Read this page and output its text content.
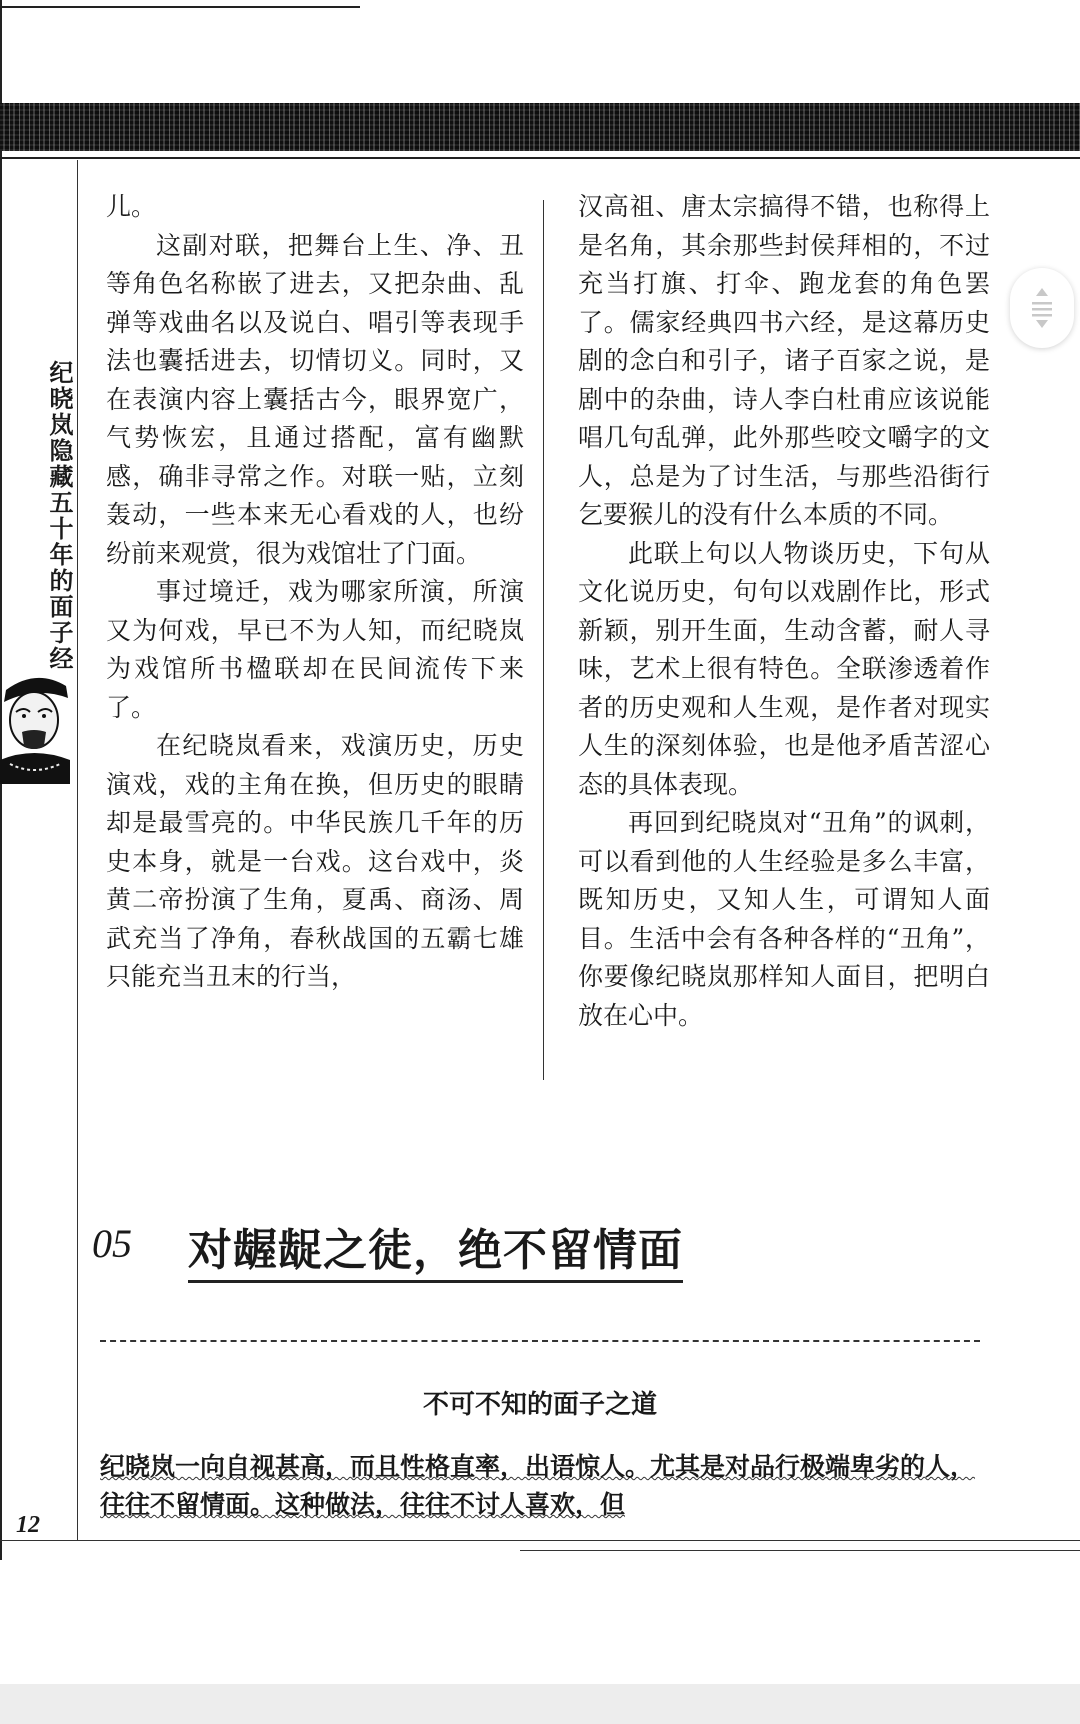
纪晓岚隐藏五十年的面子经

儿。

这副对联，把舞台上生、净、丑等角色名称嵌了进去，又把杂曲、乱弹等戏曲名以及说白、唱引等表现手法也囊括进去，切情切义。同时，又在表演内容上囊括古今，眼界宽广，气势恢宏，且通过搭配，富有幽默感，确非寻常之作。对联一贴，立刻轰动，一些本来无心看戏的人，也纷纷前来观赏，很为戏馆壮了门面。

事过境迁，戏为哪家所演，所演又为何戏，早已不为人知，而纪晓岚为戏馆所书楹联却在民间流传下来了。

在纪晓岚看来，戏演历史，历史演戏，戏的主角在换，但历史的眼睛却是最雪亮的。中华民族几千年的历史本身，就是一台戏。这台戏中，炎黄二帝扮演了生角，夏禹、商汤、周武充当了净角，春秋战国的五霸七雄只能充当丑末的行当，

汉高祖、唐太宗搞得不错，也称得上是名角，其余那些封侯拜相的，不过充当打旗、打伞、跑龙套的角色罢了。儒家经典四书六经，是这幕历史剧的念白和引子，诸子百家之说，是剧中的杂曲，诗人李白杜甫应该说能唱几句乱弹，此外那些咬文嚼字的文人，总是为了讨生活，与那些沿街行乞要猴儿的没有什么本质的不同。

此联上句以人物谈历史，下句从文化说历史，句句以戏剧作比，形式新颖，别开生面，生动含蓄，耐人寻味，艺术上很有特色。全联渗透着作者的历史观和人生观，是作者对现实人生的深刻体验，也是他矛盾苦涩心态的具体表现。

再回到纪晓岚对“丑角”的讽刺，可以看到他的人生经验是多么丰富，既知历史，又知人生，可谓知人面目。生活中会有各种各样的“丑角”，你要像纪晓岚那样知人面目，把明白放在心中。

05 对龌龊之徒，绝不留情面
不可不知的面子之道
纪晓岚一向自视甚高，而且性格直率，出语惊人。尤其是对品行极端卑劣的人，往往不留情面。这种做法，往往不讨人喜欢，但
12
